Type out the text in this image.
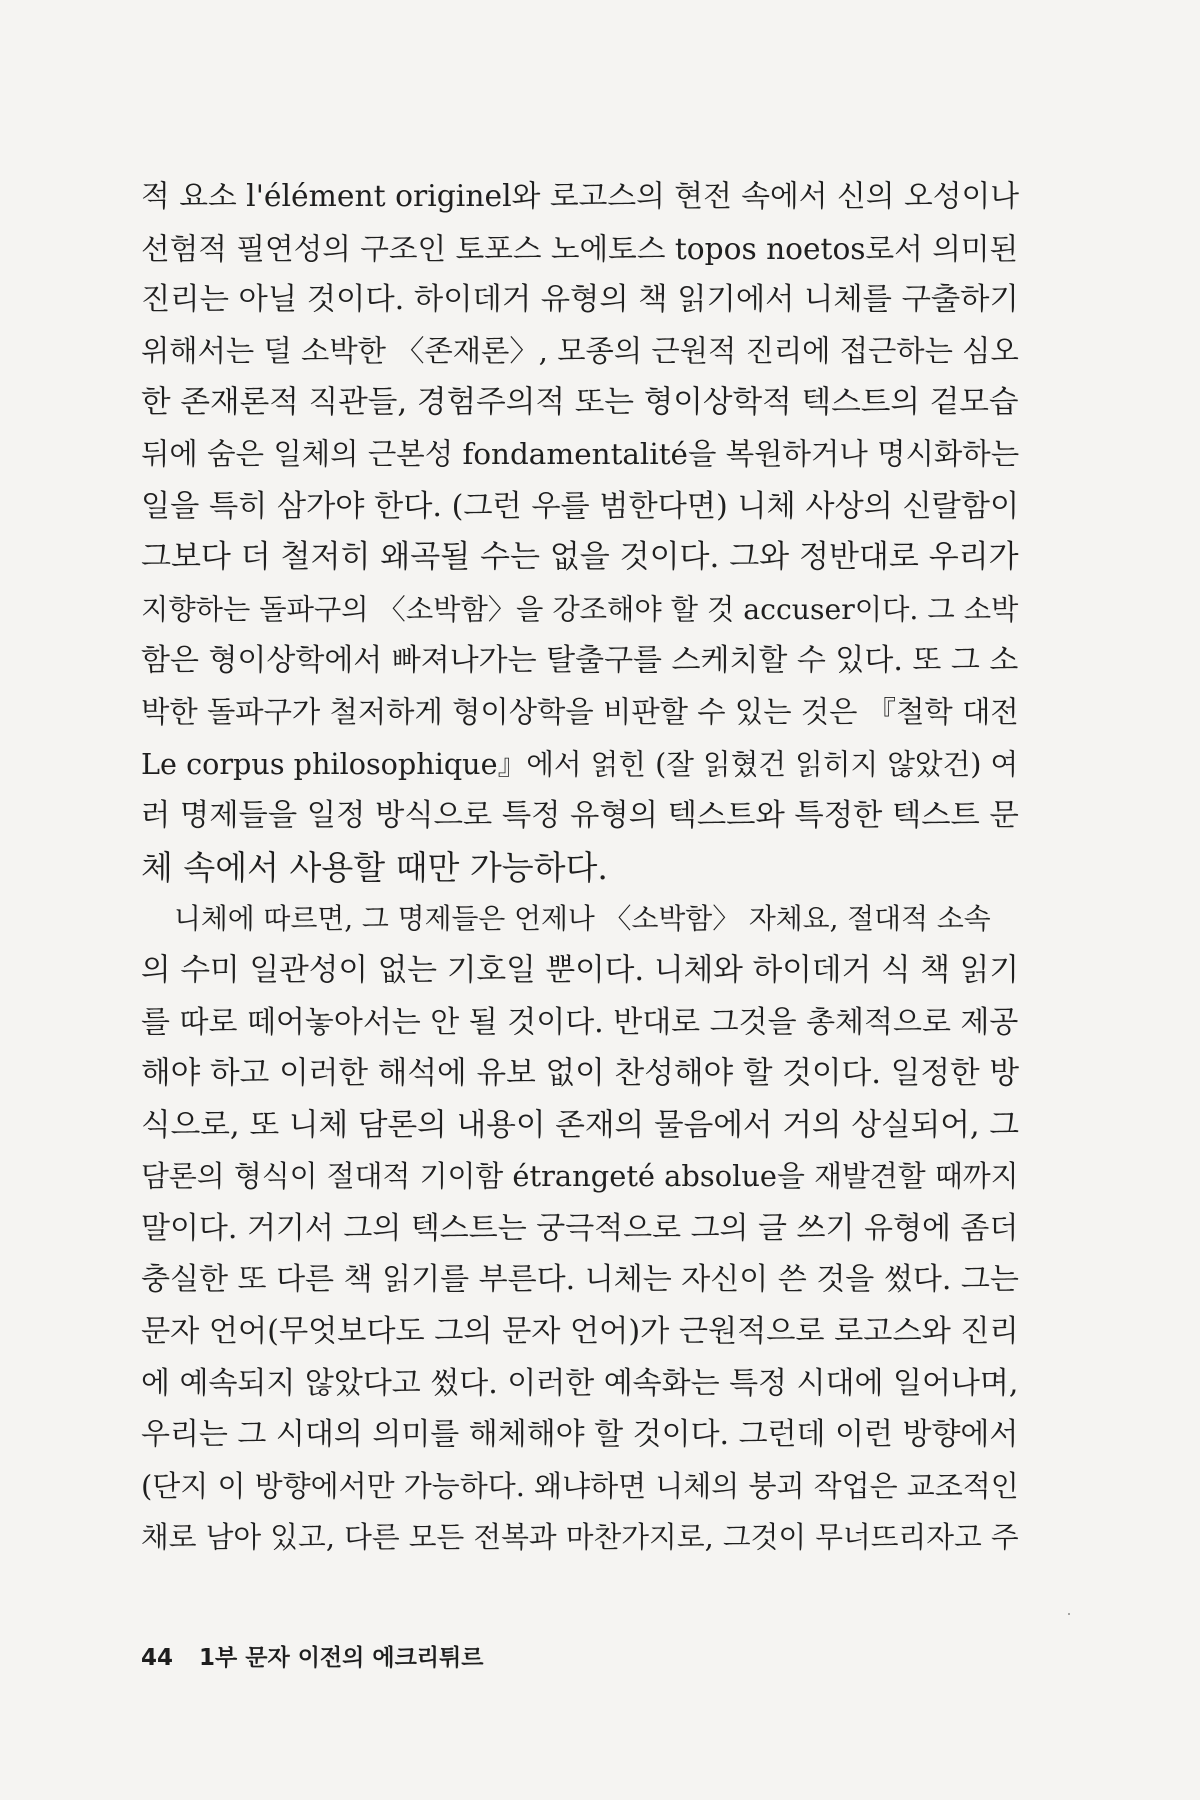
적 요소 l'élément originel와 로고스의 현전 속에서 신의 오성이나
선험적 필연성의 구조인 토포스 노에토스 topos noetos로서 의미된
진리는 아닐 것이다. 하이데거 유형의 책 읽기에서 니체를 구출하기
위해서는 덜 소박한 〈존재론〉, 모종의 근원적 진리에 접근하는 심오
한 존재론적 직관들, 경험주의적 또는 형이상학적 텍스트의 겉모습
뒤에 숨은 일체의 근본성 fondamentalité을 복원하거나 명시화하는
일을 특히 삼가야 한다. (그런 우를 범한다면) 니체 사상의 신랄함이
그보다 더 철저히 왜곡될 수는 없을 것이다. 그와 정반대로 우리가
지향하는 돌파구의 〈소박함〉을 강조해야 할 것 accuser이다. 그 소박
함은 형이상학에서 빠져나가는 탈출구를 스케치할 수 있다. 또 그 소
박한 돌파구가 철저하게 형이상학을 비판할 수 있는 것은 『철학 대전
Le corpus philosophique』에서 얽힌 (잘 읽혔건 읽히지 않았건) 여
러 명제들을 일정 방식으로 특정 유형의 텍스트와 특정한 텍스트 문
체 속에서 사용할 때만 가능하다.
니체에 따르면, 그 명제들은 언제나 〈소박함〉 자체요, 절대적 소속
의 수미 일관성이 없는 기호일 뿐이다. 니체와 하이데거 식 책 읽기
를 따로 떼어놓아서는 안 될 것이다. 반대로 그것을 총체적으로 제공
해야 하고 이러한 해석에 유보 없이 찬성해야 할 것이다. 일정한 방
식으로, 또 니체 담론의 내용이 존재의 물음에서 거의 상실되어, 그
담론의 형식이 절대적 기이함 étrangeté absolue을 재발견할 때까지
말이다. 거기서 그의 텍스트는 궁극적으로 그의 글 쓰기 유형에 좀더
충실한 또 다른 책 읽기를 부른다. 니체는 자신이 쓴 것을 썼다. 그는
문자 언어(무엇보다도 그의 문자 언어)가 근원적으로 로고스와 진리
에 예속되지 않았다고 썼다. 이러한 예속화는 특정 시대에 일어나며,
우리는 그 시대의 의미를 해체해야 할 것이다. 그런데 이런 방향에서
(단지 이 방향에서만 가능하다. 왜냐하면 니체의 붕괴 작업은 교조적인
채로 남아 있고, 다른 모든 전복과 마찬가지로, 그것이 무너뜨리자고 주
44 1부 문자 이전의 에크리튀르
